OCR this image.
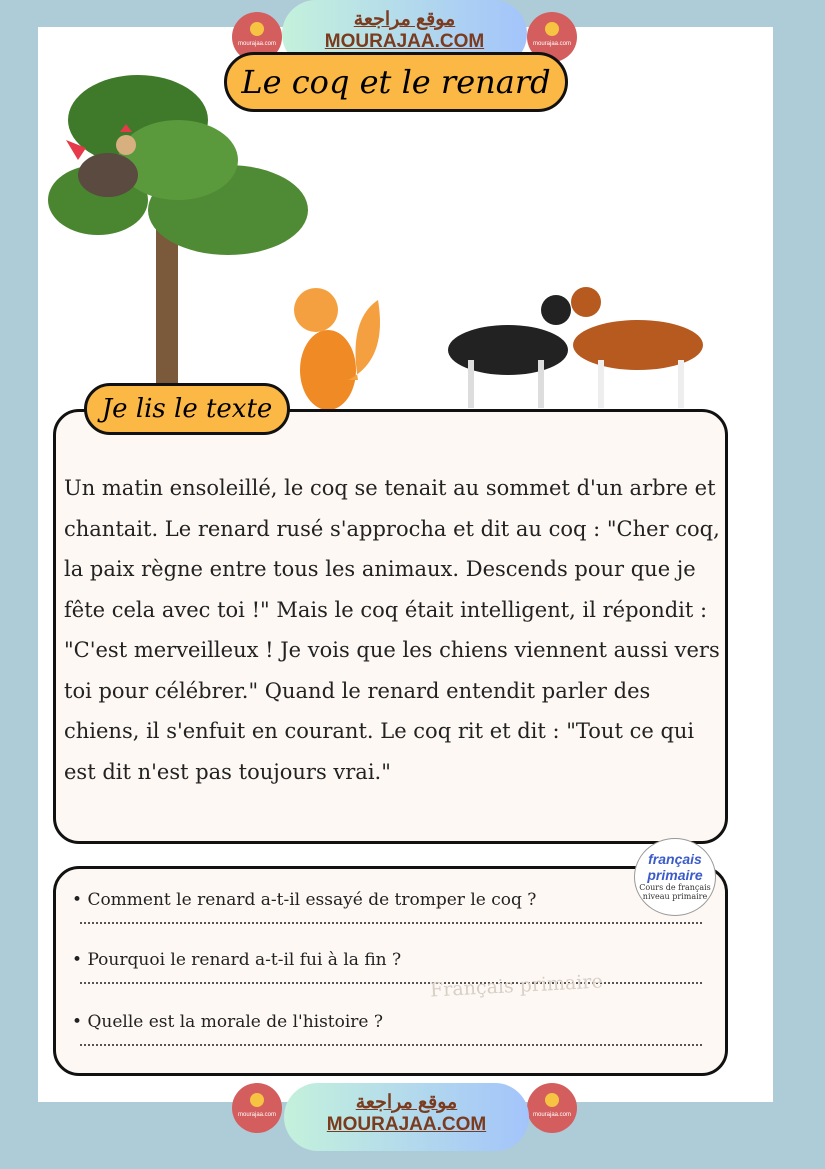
mourajaa.com	mourajaa.com
موقع مراجعة
MOURAJAA.COM
Le coq et le renard
Je lis le texte
Un matin ensoleillé, le coq se tenait au sommet d'un arbre et chantait. Le renard rusé s'approcha et dit au coq : "Cher coq, la paix règne entre tous les animaux. Descends pour que je fête cela avec toi !" Mais le coq était intelligent, il répondit : "C'est merveilleux ! Je vois que les chiens viennent aussi vers toi pour célébrer." Quand le renard entendit parler des chiens, il s'enfuit en courant. Le coq rit et dit : "Tout ce qui est dit n'est pas toujours vrai."
• Comment le renard a-t-il essayé de tromper le coq ?
• Pourquoi le renard a-t-il fui à la fin ?
• Quelle est la morale de l'histoire ?
Français primaire
français primaire
Cours de français niveau primaire
mourajaa.com	mourajaa.com
موقع مراجعة
MOURAJAA.COM
